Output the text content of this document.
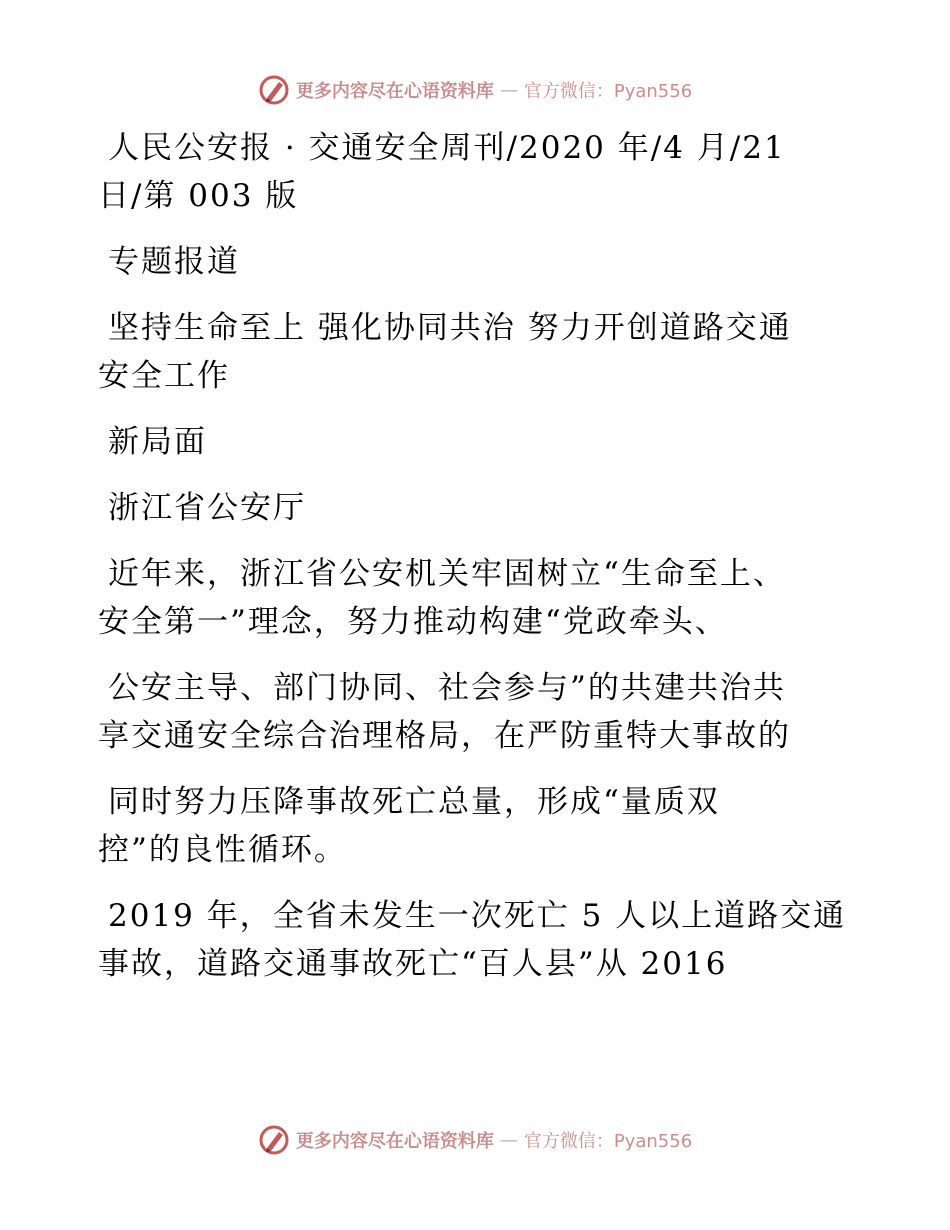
更多内容尽在心语资料库 — 官方微信：Pyan556
人民公安报 · 交通安全周刊/2020 年/4 月/21
日/第 003 版
专题报道
坚持生命至上 强化协同共治 努力开创道路交通
安全工作
新局面
浙江省公安厅
近年来，浙江省公安机关牢固树立“生命至上、
安全第一”理念，努力推动构建“党政牵头、
公安主导、部门协同、社会参与”的共建共治共
享交通安全综合治理格局，在严防重特大事故的
同时努力压降事故死亡总量，形成“量质双
控”的良性循环。
2019 年，全省未发生一次死亡 5 人以上道路交通
事故，道路交通事故死亡“百人县”从 2016
更多内容尽在心语资料库 — 官方微信：Pyan556
